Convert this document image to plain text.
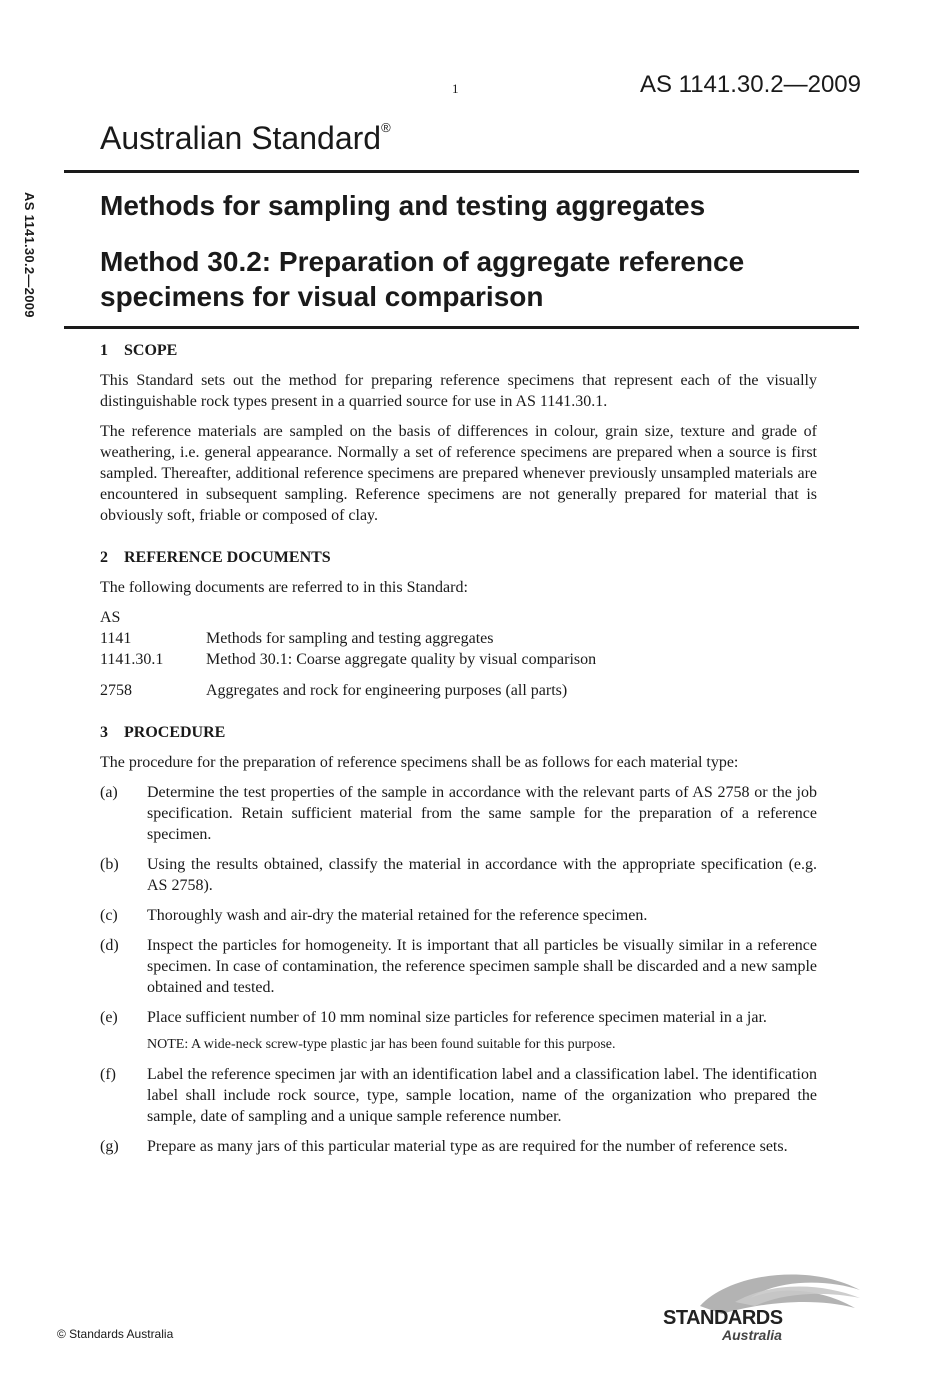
1	AS 1141.30.2—2009
Australian Standard®
AS 1141.30.2—2009 Methods for sampling and testing aggregates
Method 30.2: Preparation of aggregate reference specimens for visual comparison
1 SCOPE
This Standard sets out the method for preparing reference specimens that represent each of the visually distinguishable rock types present in a quarried source for use in AS 1141.30.1.
The reference materials are sampled on the basis of differences in colour, grain size, texture and grade of weathering, i.e. general appearance. Normally a set of reference specimens are prepared when a source is first sampled. Thereafter, additional reference specimens are prepared whenever previously unsampled materials are encountered in subsequent sampling. Reference specimens are not generally prepared for material that is obviously soft, friable or composed of clay.
2 REFERENCE DOCUMENTS
The following documents are referred to in this Standard:
AS
1141	Methods for sampling and testing aggregates
1141.30.1	Method 30.1: Coarse aggregate quality by visual comparison
2758	Aggregates and rock for engineering purposes (all parts)
3 PROCEDURE
The procedure for the preparation of reference specimens shall be as follows for each material type:
(a)	Determine the test properties of the sample in accordance with the relevant parts of AS 2758 or the job specification. Retain sufficient material from the same sample for the preparation of a reference specimen.
(b)	Using the results obtained, classify the material in accordance with the appropriate specification (e.g. AS 2758).
(c)	Thoroughly wash and air-dry the material retained for the reference specimen.
(d)	Inspect the particles for homogeneity. It is important that all particles be visually similar in a reference specimen. In case of contamination, the reference specimen sample shall be discarded and a new sample obtained and tested.
(e)	Place sufficient number of 10 mm nominal size particles for reference specimen material in a jar.
NOTE: A wide-neck screw-type plastic jar has been found suitable for this purpose.
(f)	Label the reference specimen jar with an identification label and a classification label. The identification label shall include rock source, type, sample location, name of the organization who prepared the sample, date of sampling and a unique sample reference number.
(g)	Prepare as many jars of this particular material type as are required for the number of reference sets.
© Standards Australia
STANDARDS
Australia
